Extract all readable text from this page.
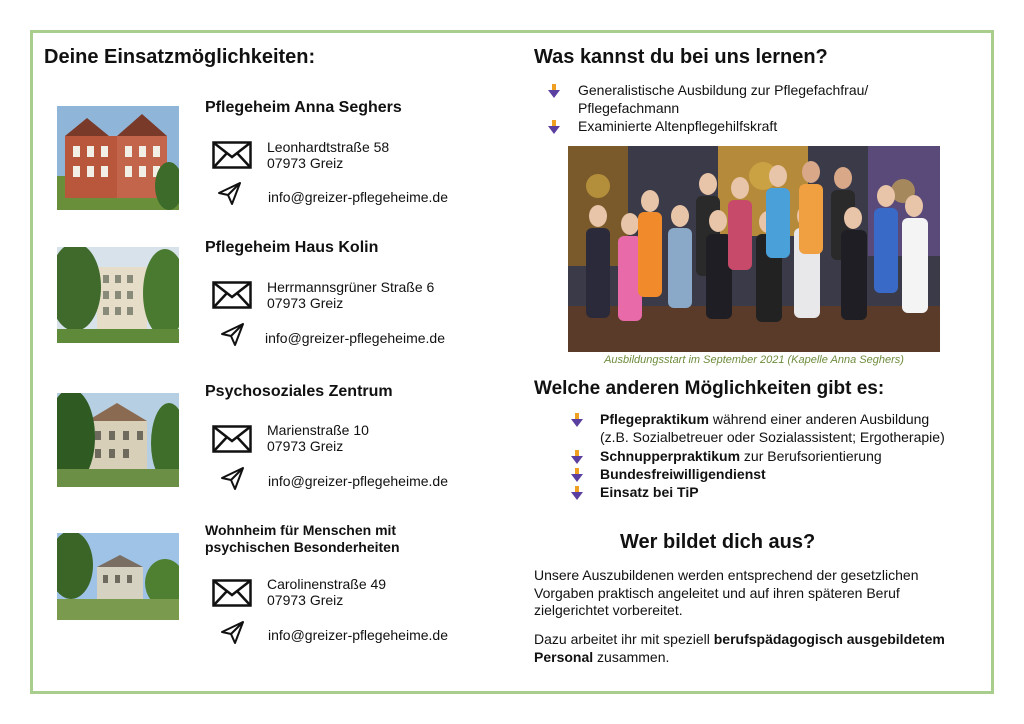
Deine Einsatzmöglichkeiten:
Pflegeheim Anna Seghers
Leonhardtstraße 58
07973 Greiz
info@greizer-pflegeheime.de
Pflegeheim Haus Kolin
Herrmannsgrüner Straße 6
07973 Greiz
info@greizer-pflegeheime.de
Psychosoziales Zentrum
Marienstraße 10
07973 Greiz
info@greizer-pflegeheime.de
Wohnheim für Menschen mit
psychischen Besonderheiten
Carolinenstraße 49
07973 Greiz
info@greizer-pflegeheime.de
Was kannst du bei uns lernen?
Generalistische Ausbildung zur Pflegefachfrau/
Pflegefachmann
Examinierte Altenpflegehilfskraft
Ausbildungsstart im September 2021 (Kapelle Anna Seghers)
Welche anderen Möglichkeiten gibt es:
Pflegepraktikum während einer anderen Ausbildung
(z.B. Sozialbetreuer oder Sozialassistent; Ergotherapie)
Schnupperpraktikum zur Berufsorientierung
Bundesfreiwilligendienst
Einsatz bei TiP
Wer bildet dich aus?
Unsere Auszubildenen werden entsprechend der gesetzlichen
Vorgaben praktisch angeleitet und auf ihren späteren Beruf
zielgerichtet vorbereitet.
Dazu arbeitet ihr mit speziell berufspädagogisch ausgebildetem
Personal zusammen.
